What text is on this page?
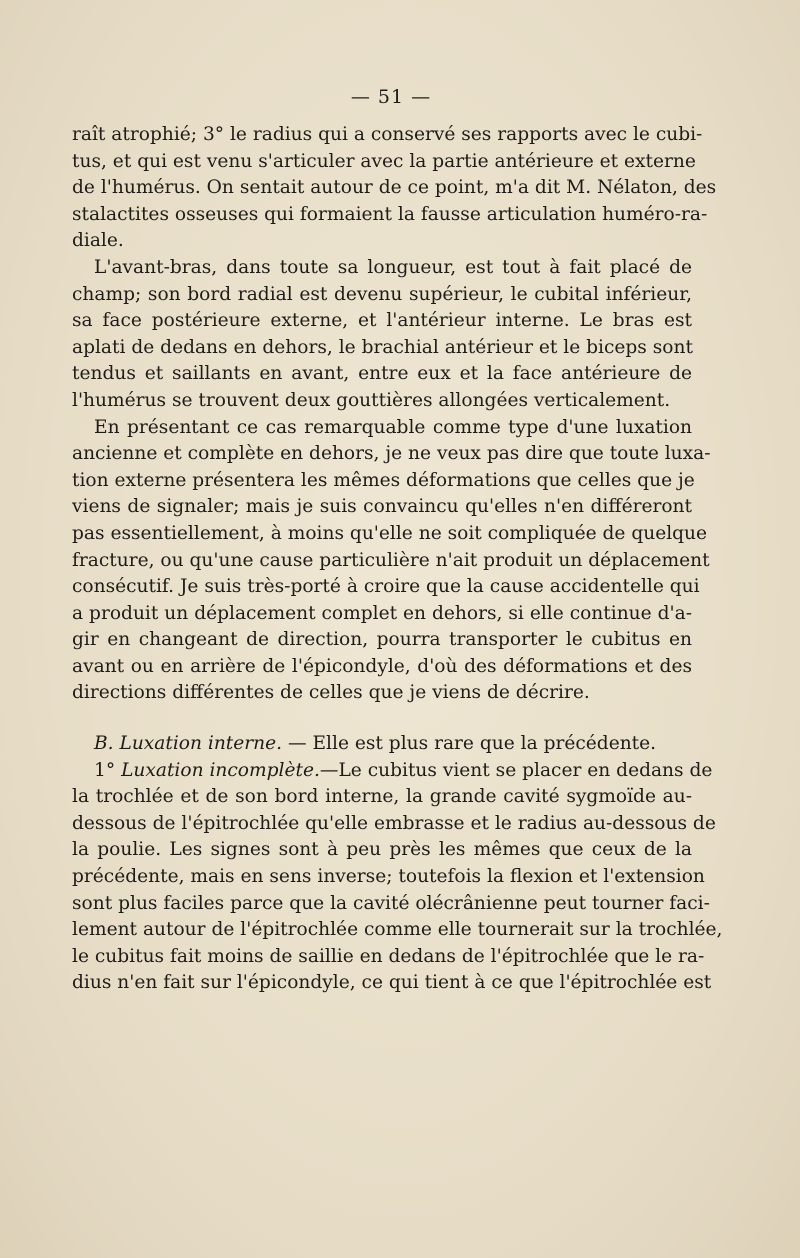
— 51 —
raît atrophié; 3° le radius qui a conservé ses rapports avec le cubi-
tus, et qui est venu s'articuler avec la partie antérieure et externe
de l'humérus. On sentait autour de ce point, m'a dit M. Nélaton, des
stalactites osseuses qui formaient la fausse articulation huméro-ra-
diale.
L'avant-bras, dans toute sa longueur, est tout à fait placé de
champ; son bord radial est devenu supérieur, le cubital inférieur,
sa face postérieure externe, et l'antérieur interne. Le bras est
aplati de dedans en dehors, le brachial antérieur et le biceps sont
tendus et saillants en avant, entre eux et la face antérieure de
l'humérus se trouvent deux gouttières allongées verticalement.
En présentant ce cas remarquable comme type d'une luxation
ancienne et complète en dehors, je ne veux pas dire que toute luxa-
tion externe présentera les mêmes déformations que celles que je
viens de signaler; mais je suis convaincu qu'elles n'en différeront
pas essentiellement, à moins qu'elle ne soit compliquée de quelque
fracture, ou qu'une cause particulière n'ait produit un déplacement
consécutif. Je suis très-porté à croire que la cause accidentelle qui
a produit un déplacement complet en dehors, si elle continue d'a-
gir en changeant de direction, pourra transporter le cubitus en
avant ou en arrière de l'épicondyle, d'où des déformations et des
directions différentes de celles que je viens de décrire.
B. Luxation interne. — Elle est plus rare que la précédente.
1° Luxation incomplète.—Le cubitus vient se placer en dedans de
la trochlée et de son bord interne, la grande cavité sygmoïde au-
dessous de l'épitrochlée qu'elle embrasse et le radius au-dessous de
la poulie. Les signes sont à peu près les mêmes que ceux de la
précédente, mais en sens inverse; toutefois la flexion et l'extension
sont plus faciles parce que la cavité olécrânienne peut tourner faci-
lement autour de l'épitrochlée comme elle tournerait sur la trochlée,
le cubitus fait moins de saillie en dedans de l'épitrochlée que le ra-
dius n'en fait sur l'épicondyle, ce qui tient à ce que l'épitrochlée est
